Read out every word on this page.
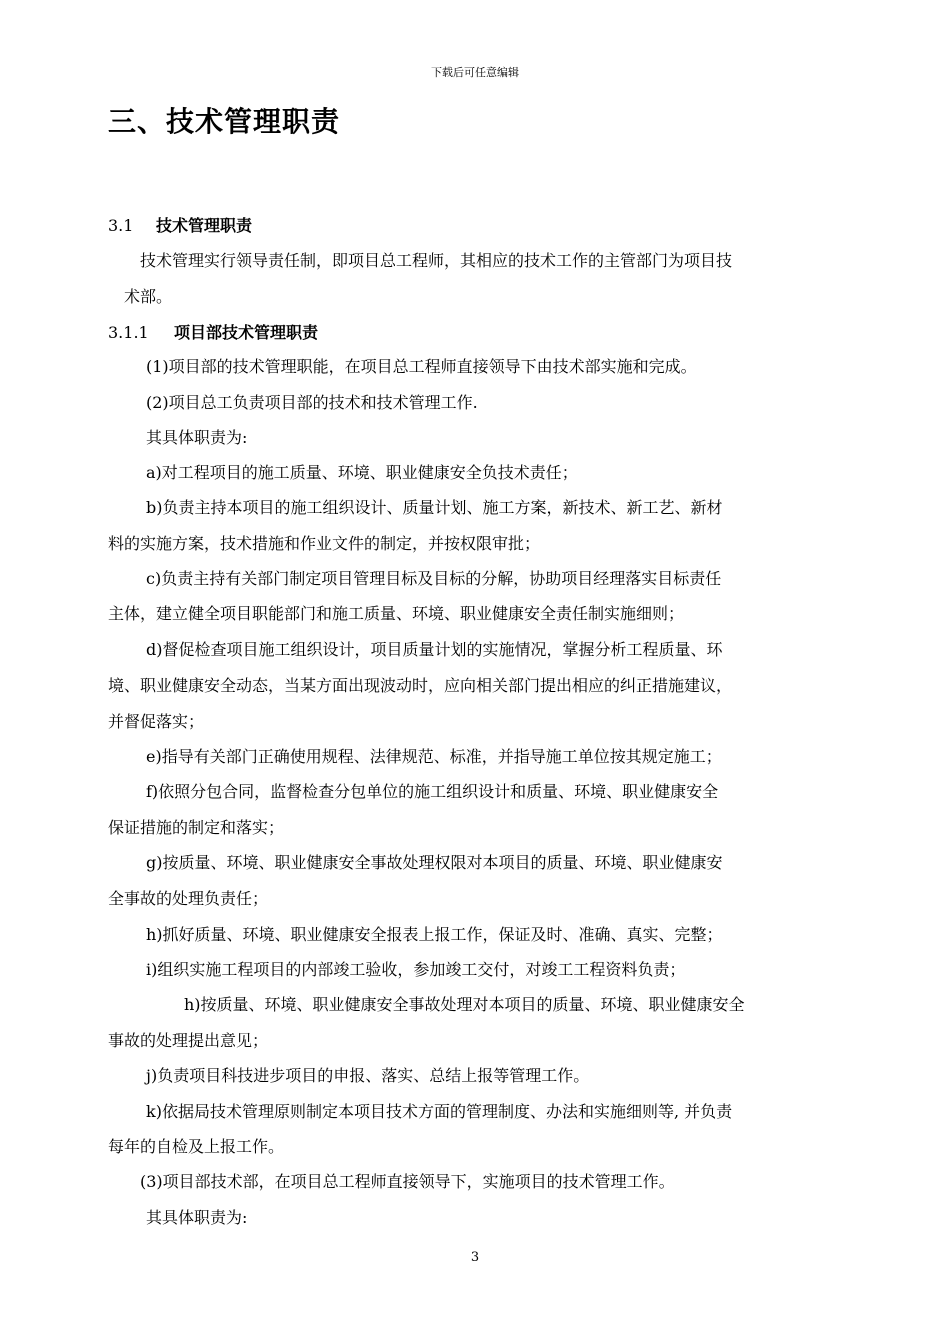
下载后可任意编辑
三、技术管理职责
3.1 技术管理职责
技术管理实行领导责任制，即项目总工程师，其相应的技术工作的主管部门为项目技
术部。
3.1.1 项目部技术管理职责
(1)项目部的技术管理职能，在项目总工程师直接领导下由技术部实施和完成。
(2)项目总工负责项目部的技术和技术管理工作.
其具体职责为:
a)对工程项目的施工质量、环境、职业健康安全负技术责任；
b)负责主持本项目的施工组织设计、质量计划、施工方案，新技术、新工艺、新材
料的实施方案，技术措施和作业文件的制定，并按权限审批；
c)负责主持有关部门制定项目管理目标及目标的分解，协助项目经理落实目标责任
主体，建立健全项目职能部门和施工质量、环境、职业健康安全责任制实施细则；
d)督促检查项目施工组织设计，项目质量计划的实施情况，掌握分析工程质量、环
境、职业健康安全动态，当某方面出现波动时，应向相关部门提出相应的纠正措施建议，
并督促落实；
e)指导有关部门正确使用规程、法律规范、标准，并指导施工单位按其规定施工；
f)依照分包合同，监督检查分包单位的施工组织设计和质量、环境、职业健康安全
保证措施的制定和落实；
g)按质量、环境、职业健康安全事故处理权限对本项目的质量、环境、职业健康安
全事故的处理负责任；
h)抓好质量、环境、职业健康安全报表上报工作，保证及时、准确、真实、完整；
i)组织实施工程项目的内部竣工验收，参加竣工交付，对竣工工程资料负责；
h)按质量、环境、职业健康安全事故处理对本项目的质量、环境、职业健康安全
事故的处理提出意见；
j)负责项目科技进步项目的申报、落实、总结上报等管理工作。
k)依据局技术管理原则制定本项目技术方面的管理制度、办法和实施细则等, 并负责
每年的自检及上报工作。
(3)项目部技术部，在项目总工程师直接领导下，实施项目的技术管理工作。
其具体职责为:
3
